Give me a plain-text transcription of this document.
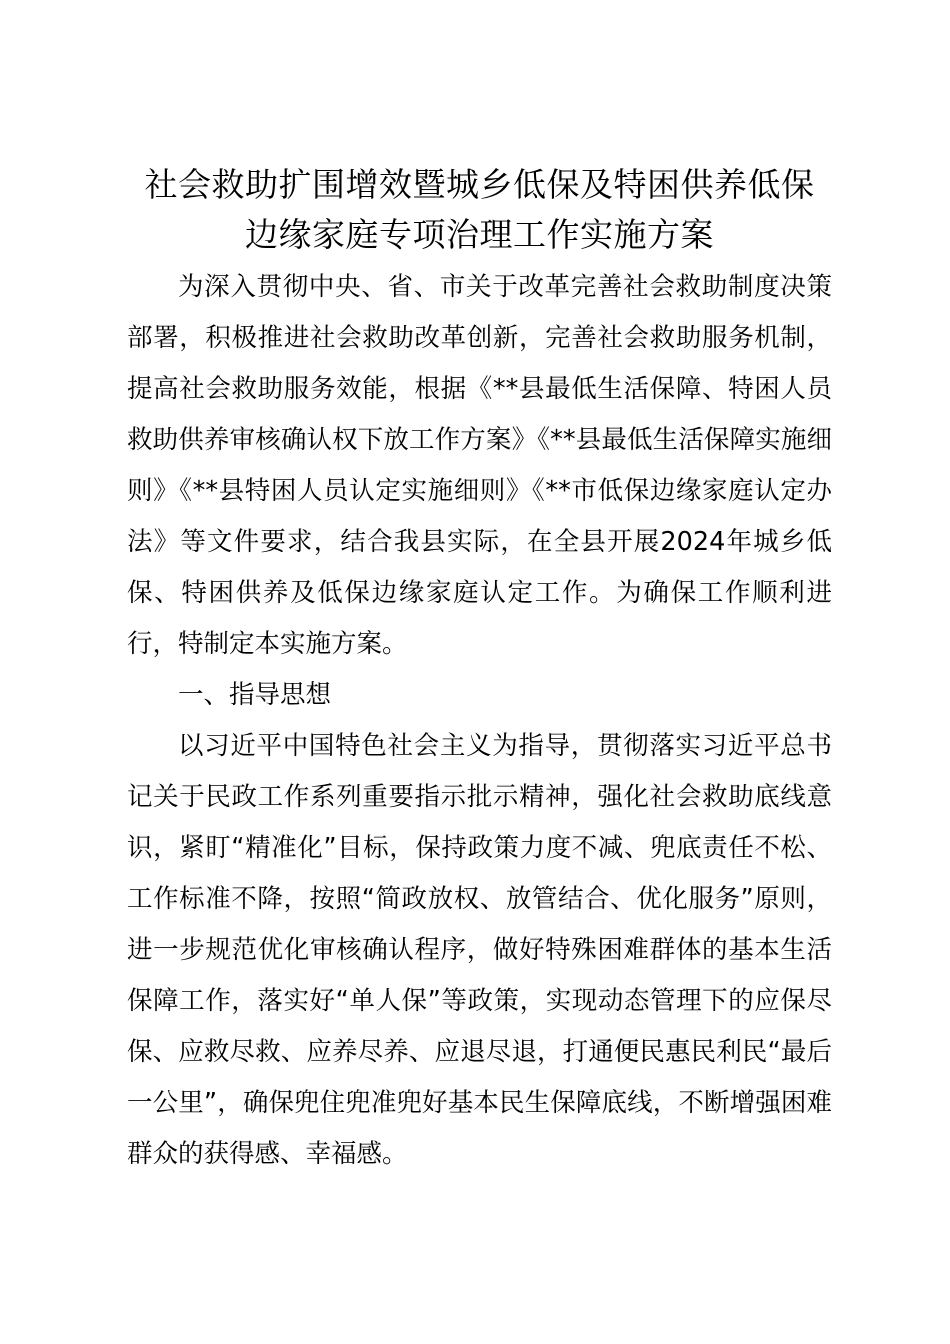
社会救助扩围增效暨城乡低保及特困供养低保
边缘家庭专项治理工作实施方案

为深入贯彻中央、省、市关于改革完善社会救助制度决策部署，积极推进社会救助改革创新，完善社会救助服务机制，提高社会救助服务效能，根据《**县最低生活保障、特困人员救助供养审核确认权下放工作方案》《**县最低生活保障实施细则》《**县特困人员认定实施细则》《**市低保边缘家庭认定办法》等文件要求，结合我县实际，在全县开展2024年城乡低保、特困供养及低保边缘家庭认定工作。为确保工作顺利进行，特制定本实施方案。

一、指导思想

以习近平中国特色社会主义为指导，贯彻落实习近平总书记关于民政工作系列重要指示批示精神，强化社会救助底线意识，紧盯“精准化”目标，保持政策力度不减、兜底责任不松、工作标准不降，按照“简政放权、放管结合、优化服务”原则，进一步规范优化审核确认程序，做好特殊困难群体的基本生活保障工作，落实好“单人保”等政策，实现动态管理下的应保尽保、应救尽救、应养尽养、应退尽退，打通便民惠民利民“最后一公里”，确保兜住兜准兜好基本民生保障底线，不断增强困难群众的获得感、幸福感。
